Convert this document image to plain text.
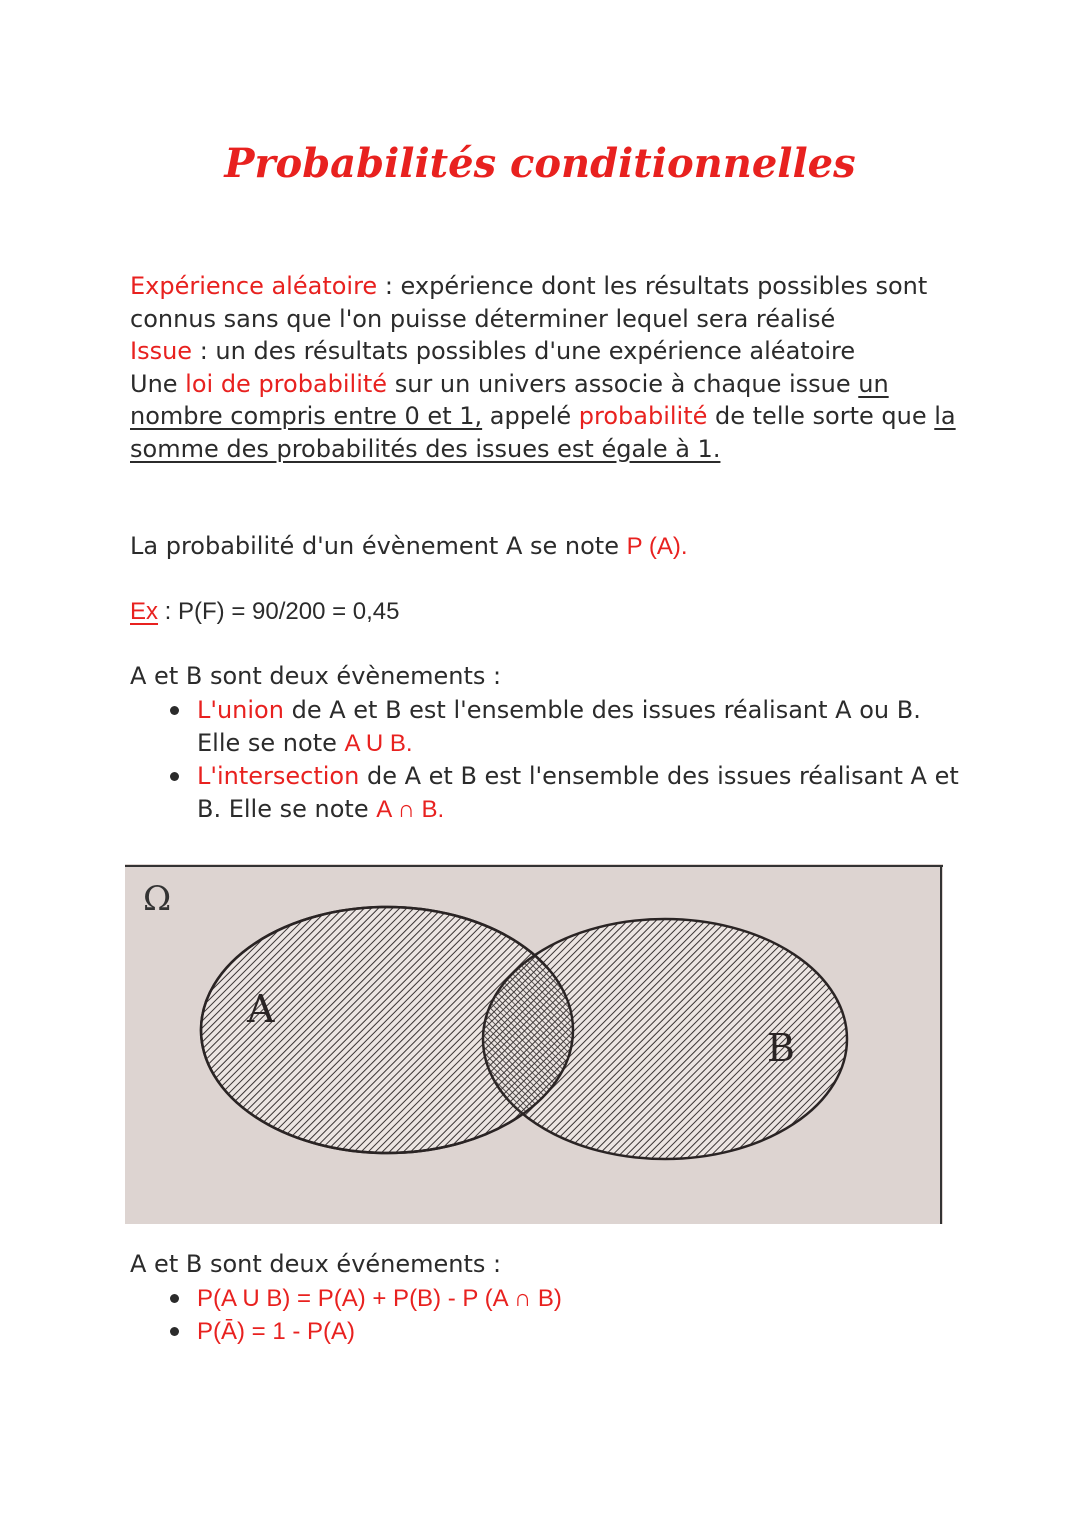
Probabilités conditionnelles
Expérience aléatoire : expérience dont les résultats possibles sont connus sans que l'on puisse déterminer lequel sera réalisé
Issue : un des résultats possibles d'une expérience aléatoire
Une loi de probabilité sur un univers associe à chaque issue un nombre compris entre 0 et 1, appelé probabilité de telle sorte que la somme des probabilités des issues est égale à 1.
La probabilité d'un évènement A se note P (A).
Ex : P(F) = 90/200 = 0,45
A et B sont deux évènements :
L'union de A et B est l'ensemble des issues réalisant A ou B. Elle se note A U B.
L'intersection de A et B est l'ensemble des issues réalisant A et B. Elle se note A ∩ B.
Ω
A
B
A et B sont deux événements :
P(A U B) = P(A) + P(B) - P (A ∩ B)
P(Ā) = 1 - P(A)
